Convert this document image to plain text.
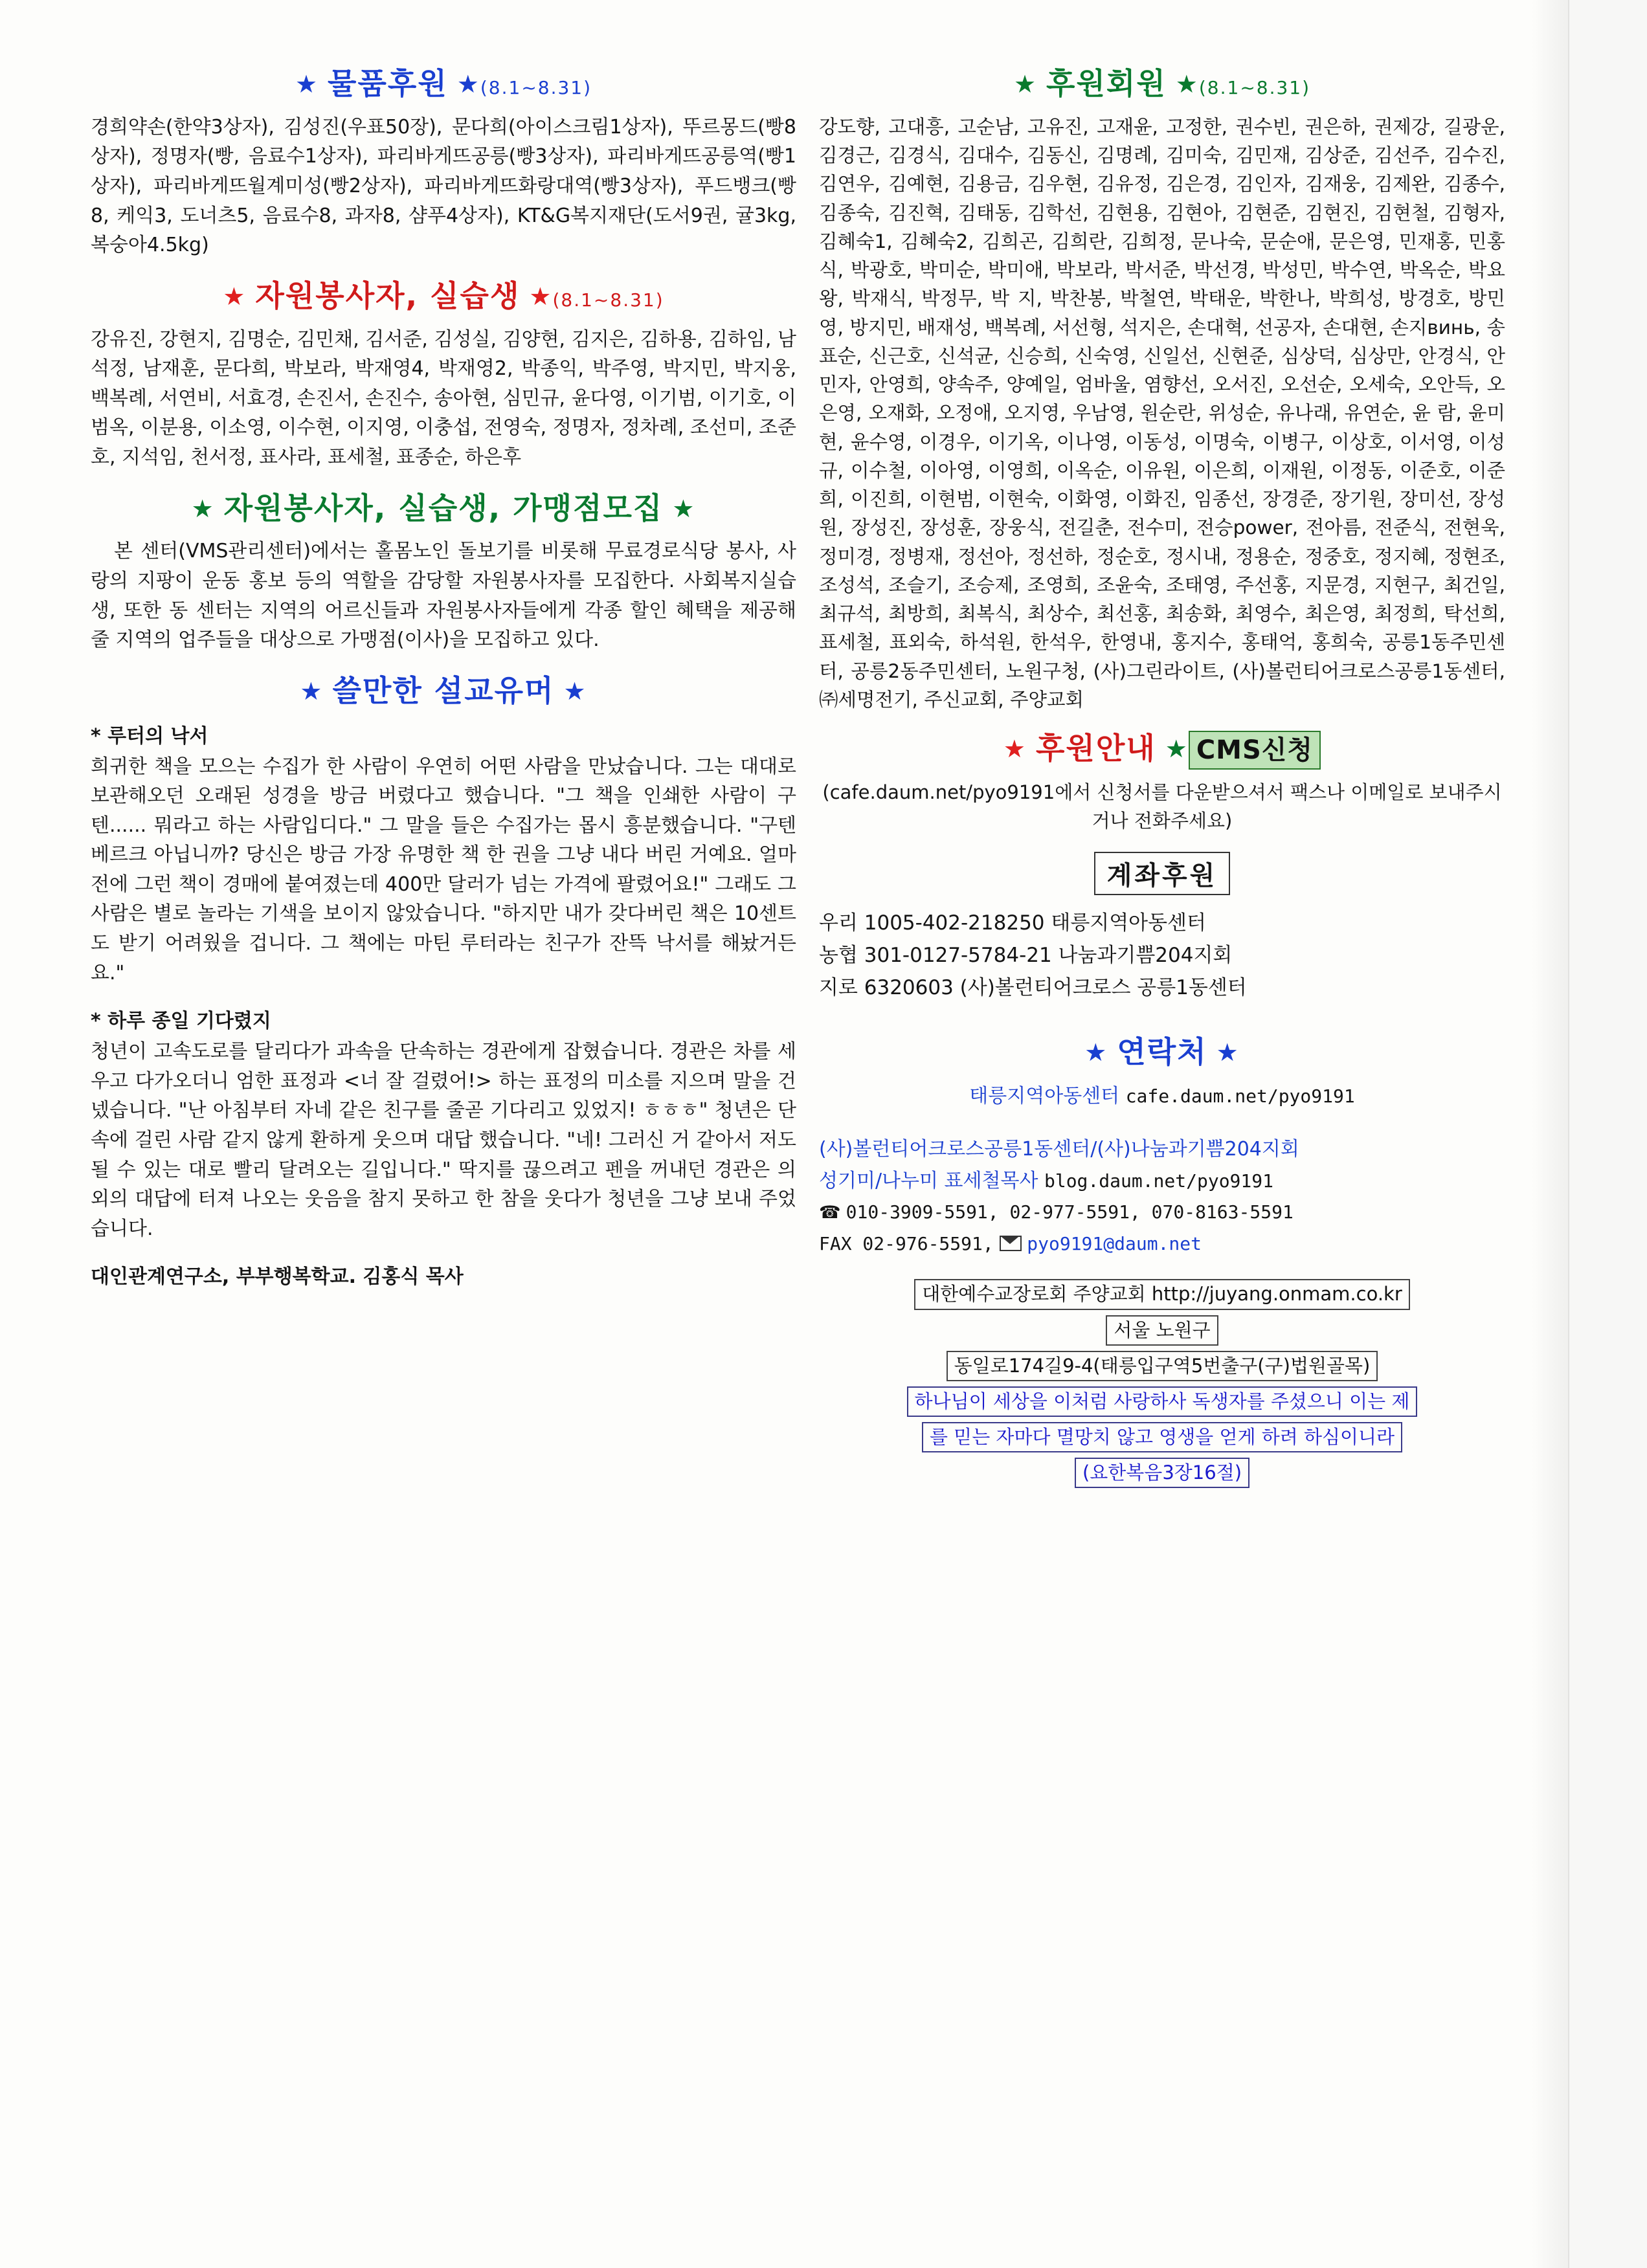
★ 물품후원 ★(8.1~8.31)

경희약손(한약3상자), 김성진(우표50장), 문다희(아이스크림1상자), 뚜르몽드(빵8상자), 정명자(빵, 음료수1상자), 파리바게뜨공릉(빵3상자), 파리바게뜨공릉역(빵1상자), 파리바게뜨월계미성(빵2상자), 파리바게뜨화랑대역(빵3상자), 푸드뱅크(빵8, 케익3, 도너츠5, 음료수8, 과자8, 샴푸4상자), KT&G복지재단(도서9권, 귤3kg, 복숭아4.5kg)

★ 자원봉사자, 실습생 ★(8.1~8.31)

강유진, 강현지, 김명순, 김민채, 김서준, 김성실, 김양현, 김지은, 김하용, 김하임, 남석정, 남재훈, 문다희, 박보라, 박재영4, 박재영2, 박종익, 박주영, 박지민, 박지웅, 백복례, 서연비, 서효경, 손진서, 손진수, 송아현, 심민규, 윤다영, 이기범, 이기호, 이범옥, 이분용, 이소영, 이수현, 이지영, 이충섭, 전영숙, 정명자, 정차례, 조선미, 조준호, 지석임, 천서정, 표사라, 표세철, 표종순, 하은후

★ 자원봉사자, 실습생, 가맹점모집 ★

본 센터(VMS관리센터)에서는 홀몸노인 돌보기를 비롯해 무료경로식당 봉사, 사랑의 지팡이 운동 홍보 등의 역할을 감당할 자원봉사자를 모집한다. 사회복지실습생, 또한 동 센터는 지역의 어르신들과 자원봉사자들에게 각종 할인 혜택을 제공해 줄 지역의 업주들을 대상으로 가맹점(이사)을 모집하고 있다.

★ 쓸만한 설교유머 ★
* 루터의 낙서

희귀한 책을 모으는 수집가 한 사람이 우연히 어떤 사람을 만났습니다. 그는 대대로 보관해오던 오래된 성경을 방금 버렸다고 했습니다. "그 책을 인쇄한 사람이 구텐...... 뭐라고 하는 사람입디다." 그 말을 들은 수집가는 몹시 흥분했습니다. "구텐베르크 아닙니까? 당신은 방금 가장 유명한 책 한 권을 그냥 내다 버린 거예요. 얼마 전에 그런 책이 경매에 붙여졌는데 400만 달러가 넘는 가격에 팔렸어요!" 그래도 그 사람은 별로 놀라는 기색을 보이지 않았습니다. "하지만 내가 갖다버린 책은 10센트도 받기 어려웠을 겁니다. 그 책에는 마틴 루터라는 친구가 잔뜩 낙서를 해놨거든요."

* 하루 종일 기다렸지

청년이 고속도로를 달리다가 과속을 단속하는 경관에게 잡혔습니다. 경관은 차를 세우고 다가오더니 엄한 표정과 <너 잘 걸렸어!> 하는 표정의 미소를 지으며 말을 건넸습니다. "난 아침부터 자네 같은 친구를 줄곧 기다리고 있었지! ㅎㅎㅎ" 청년은 단속에 걸린 사람 같지 않게 환하게 웃으며 대답 했습니다. "네! 그러신 거 같아서 저도 될 수 있는 대로 빨리 달려오는 길입니다." 딱지를 끊으려고 펜을 꺼내던 경관은 의외의 대답에 터져 나오는 웃음을 참지 못하고 한 참을 웃다가 청년을 그냥 보내 주었습니다.

대인관계연구소, 부부행복학교. 김홍식 목사
★ 후원회원 ★(8.1~8.31)

강도향, 고대흥, 고순남, 고유진, 고재윤, 고정한, 권수빈, 권은하, 권제강, 길광운, 김경근, 김경식, 김대수, 김동신, 김명례, 김미숙, 김민재, 김상준, 김선주, 김수진, 김연우, 김예현, 김용금, 김우현, 김유정, 김은경, 김인자, 김재웅, 김제완, 김종수, 김종숙, 김진혁, 김태동, 김학선, 김현용, 김현아, 김현준, 김현진, 김현철, 김형자, 김혜숙1, 김혜숙2, 김희곤, 김희란, 김희정, 문나숙, 문순애, 문은영, 민재홍, 민홍식, 박광호, 박미순, 박미애, 박보라, 박서준, 박선경, 박성민, 박수연, 박옥순, 박요왕, 박재식, 박정무, 박 지, 박찬봉, 박철연, 박태운, 박한나, 박희성, 방경호, 방민영, 방지민, 배재성, 백복례, 서선형, 석지은, 손대혁, 선공자, 손대현, 손지винь, 송표순, 신근호, 신석균, 신승희, 신숙영, 신일선, 신현준, 심상덕, 심상만, 안경식, 안민자, 안영희, 양속주, 양예일, 엄바울, 염향선, 오서진, 오선순, 오세숙, 오안득, 오은영, 오재화, 오정애, 오지영, 우남영, 원순란, 위성순, 유나래, 유연순, 윤 람, 윤미현, 윤수영, 이경우, 이기옥, 이나영, 이동성, 이명숙, 이병구, 이상호, 이서영, 이성규, 이수철, 이아영, 이영희, 이옥순, 이유원, 이은희, 이재원, 이정동, 이준호, 이준희, 이진희, 이현범, 이현숙, 이화영, 이화진, 임종선, 장경준, 장기원, 장미선, 장성원, 장성진, 장성훈, 장웅식, 전길춘, 전수미, 전승power, 전아름, 전준식, 전현욱, 정미경, 정병재, 정선아, 정선하, 정순호, 정시내, 정용순, 정중호, 정지혜, 정현조, 조성석, 조슬기, 조승제, 조영희, 조윤숙, 조태영, 주선홍, 지문경, 지현구, 최건일, 최규석, 최방희, 최복식, 최상수, 최선홍, 최송화, 최영수, 최은영, 최정희, 탁선희, 표세철, 표외숙, 하석원, 한석우, 한영내, 홍지수, 홍태억, 홍희숙, 공릉1동주민센터, 공릉2동주민센터, 노원구청, (사)그린라이트, (사)볼런티어크로스공릉1동센터, ㈜세명전기, 주신교회, 주양교회

★ 후원안내 ★ CMS신청

(cafe.daum.net/pyo9191에서 신청서를 다운받으셔서 팩스나 이메일로 보내주시거나 전화주세요)

계좌후원

우리 1005-402-218250 태릉지역아동센터

농협 301-0127-5784-21 나눔과기쁨204지회

지로 6320603 (사)볼런티어크로스 공릉1동센터

★ 연락처 ★

태릉지역아동센터 cafe.daum.net/pyo9191

(사)볼런티어크로스공릉1동센터/(사)나눔과기쁨204지회

성기미/나누미 표세철목사 blog.daum.net/pyo9191

☎ 010-3909-5591, 02-977-5591, 070-8163-5591

FAX 02-976-5591, pyo9191@daum.net

대한예수교장로회 주양교회 http://juyang.onmam.co.kr
서울 노원구
동일로174길9-4(태릉입구역5번출구(구)법원골목)
하나님이 세상을 이처럼 사랑하사 독생자를 주셨으니 이는 제
를 믿는 자마다 멸망치 않고 영생을 얻게 하려 하심이니라
(요한복음3장16절)
